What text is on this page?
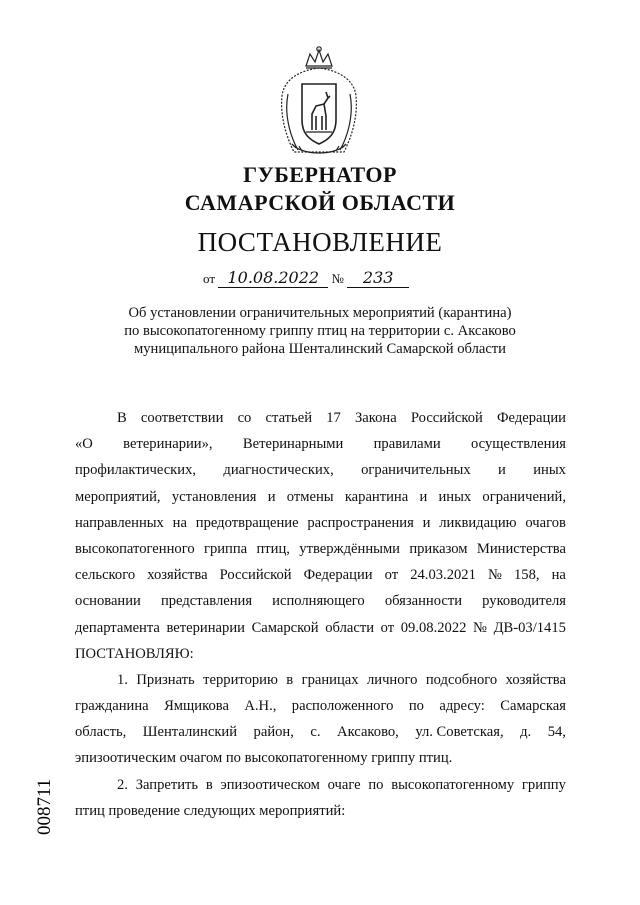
ГУБЕРНАТОР
САМАРСКОЙ ОБЛАСТИ
ПОСТАНОВЛЕНИЕ
от 10.08.2022 № 233
Об установлении ограничительных мероприятий (карантина)
по высокопатогенному гриппу птиц на территории с. Аксаково
муниципального района Шенталинский Самарской области
В соответствии со статьей 17 Закона Российской Федерации
«О ветеринарии», Ветеринарными правилами осуществления
профилактических, диагностических, ограничительных и иных
мероприятий, установления и отмены карантина и иных ограничений,
направленных на предотвращение распространения и ликвидацию очагов
высокопатогенного гриппа птиц, утверждёнными приказом Министерства
сельского хозяйства Российской Федерации от 24.03.2021 № 158, на
основании представления исполняющего обязанности руководителя
департамента ветеринарии Самарской области от 09.08.2022 № ДВ-03/1415
ПОСТАНОВЛЯЮ:
1. Признать территорию в границах личного подсобного хозяйства
гражданина Ямщикова А.Н., расположенного по адресу: Самарская
область, Шенталинский район, с. Аксаково, ул. Советская, д. 54,
эпизоотическим очагом по высокопатогенному гриппу птиц.
2. Запретить в эпизоотическом очаге по высокопатогенному гриппу
птиц проведение следующих мероприятий:
008711
